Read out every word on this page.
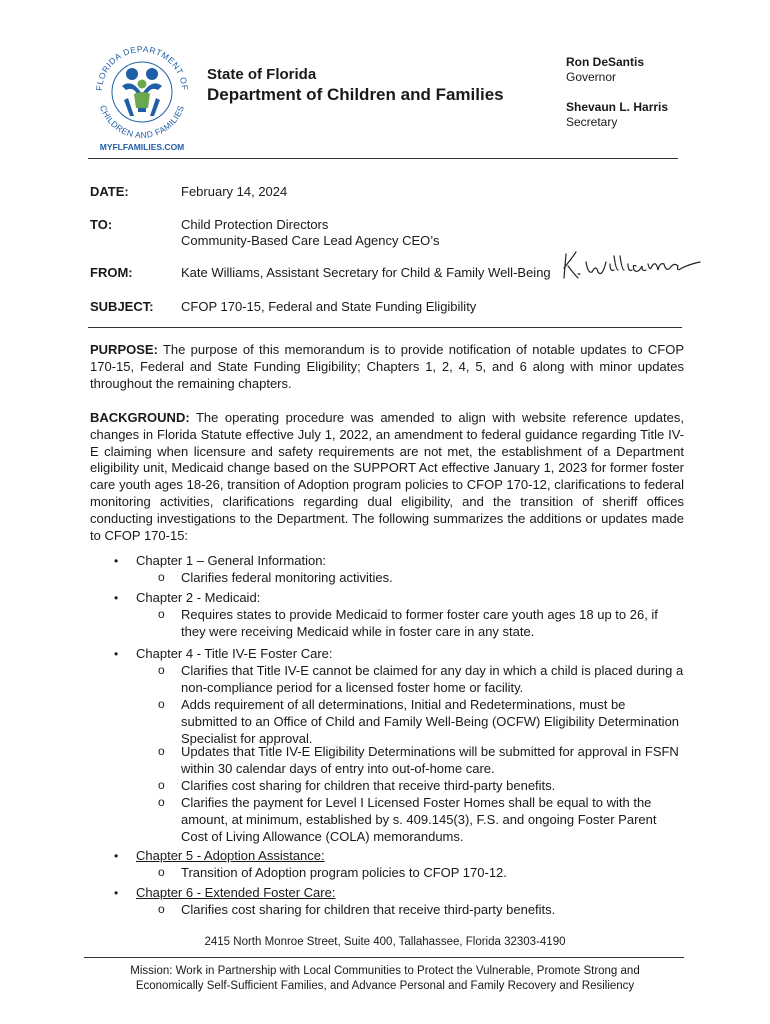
FLORIDA DEPARTMENT OF
CHILDREN AND FAMILIES
MYFLFAMILIES.COM
State of Florida
Department of Children and Families
Ron DeSantis
Governor
Shevaun L. Harris
Secretary
DATE:	February 14, 2024
TO:	Child Protection Directors
Community-Based Care Lead Agency CEO’s
FROM:	Kate Williams, Assistant Secretary for Child & Family Well-Being
SUBJECT: CFOP 170-15, Federal and State Funding Eligibility
PURPOSE: The purpose of this memorandum is to provide notification of notable updates to CFOP 170-15, Federal and State Funding Eligibility; Chapters 1, 2, 4, 5, and 6 along with minor updates throughout the remaining chapters.
BACKGROUND: The operating procedure was amended to align with website reference updates, changes in Florida Statute effective July 1, 2022, an amendment to federal guidance regarding Title IV-E claiming when licensure and safety requirements are not met, the establishment of a Department eligibility unit, Medicaid change based on the SUPPORT Act effective January 1, 2023 for former foster care youth ages 18-26, transition of Adoption program policies to CFOP 170-12, clarifications to federal monitoring activities, clarifications regarding dual eligibility, and the transition of sheriff offices conducting investigations to the Department. The following summarizes the additions or updates made to CFOP 170-15:
• Chapter 1 – General Information:
o Clarifies federal monitoring activities.
• Chapter 2 - Medicaid:
o Requires states to provide Medicaid to former foster care youth ages 18 up to 26, if they were receiving Medicaid while in foster care in any state.
• Chapter 4 - Title IV-E Foster Care:
o Clarifies that Title IV-E cannot be claimed for any day in which a child is placed during a non-compliance period for a licensed foster home or facility.
o Adds requirement of all determinations, Initial and Redeterminations, must be submitted to an Office of Child and Family Well-Being (OCFW) Eligibility Determination Specialist for approval.
o Updates that Title IV-E Eligibility Determinations will be submitted for approval in FSFN within 30 calendar days of entry into out-of-home care.
o Clarifies cost sharing for children that receive third-party benefits.
o Clarifies the payment for Level I Licensed Foster Homes shall be equal to with the amount, at minimum, established by s. 409.145(3), F.S. and ongoing Foster Parent Cost of Living Allowance (COLA) memorandums.
• Chapter 5 - Adoption Assistance:
o Transition of Adoption program policies to CFOP 170-12.
• Chapter 6 - Extended Foster Care:
o Clarifies cost sharing for children that receive third-party benefits.
2415 North Monroe Street, Suite 400, Tallahassee, Florida 32303-4190
Mission: Work in Partnership with Local Communities to Protect the Vulnerable, Promote Strong and
Economically Self-Sufficient Families, and Advance Personal and Family Recovery and Resiliency
